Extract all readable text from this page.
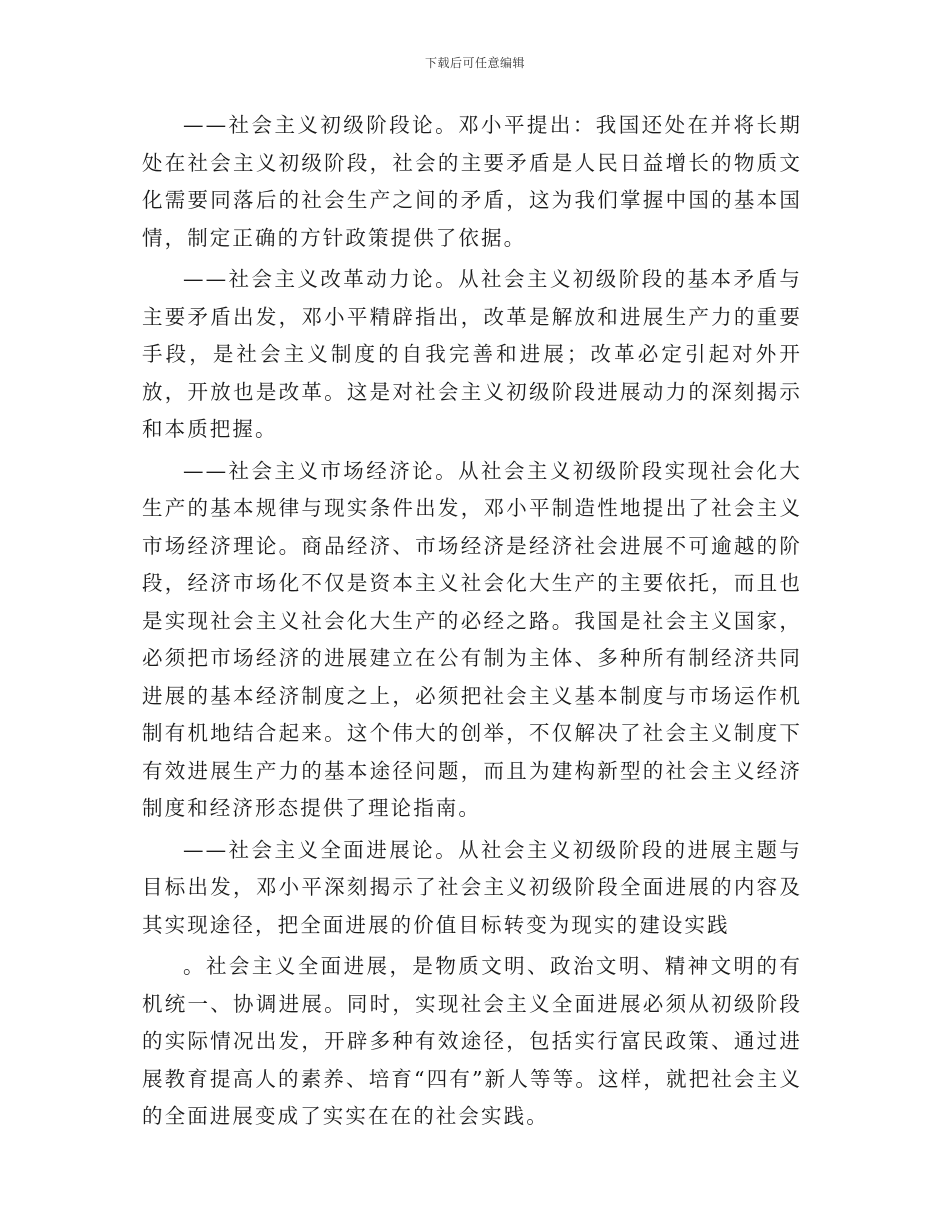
下载后可任意编辑

——社会主义初级阶段论。邓小平提出：我国还处在并将长期处在社会主义初级阶段，社会的主要矛盾是人民日益增长的物质文化需要同落后的社会生产之间的矛盾，这为我们掌握中国的基本国情，制定正确的方针政策提供了依据。

——社会主义改革动力论。从社会主义初级阶段的基本矛盾与主要矛盾出发，邓小平精辟指出，改革是解放和进展生产力的重要手段，是社会主义制度的自我完善和进展；改革必定引起对外开放，开放也是改革。这是对社会主义初级阶段进展动力的深刻揭示和本质把握。

——社会主义市场经济论。从社会主义初级阶段实现社会化大生产的基本规律与现实条件出发，邓小平制造性地提出了社会主义市场经济理论。商品经济、市场经济是经济社会进展不可逾越的阶段，经济市场化不仅是资本主义社会化大生产的主要依托，而且也是实现社会主义社会化大生产的必经之路。我国是社会主义国家，必须把市场经济的进展建立在公有制为主体、多种所有制经济共同进展的基本经济制度之上，必须把社会主义基本制度与市场运作机制有机地结合起来。这个伟大的创举，不仅解决了社会主义制度下有效进展生产力的基本途径问题，而且为建构新型的社会主义经济制度和经济形态提供了理论指南。

——社会主义全面进展论。从社会主义初级阶段的进展主题与目标出发，邓小平深刻揭示了社会主义初级阶段全面进展的内容及其实现途径，把全面进展的价值目标转变为现实的建设实践

。社会主义全面进展，是物质文明、政治文明、精神文明的有机统一、协调进展。同时，实现社会主义全面进展必须从初级阶段的实际情况出发，开辟多种有效途径，包括实行富民政策、通过进展教育提高人的素养、培育“四有”新人等等。这样，就把社会主义的全面进展变成了实实在在的社会实践。
